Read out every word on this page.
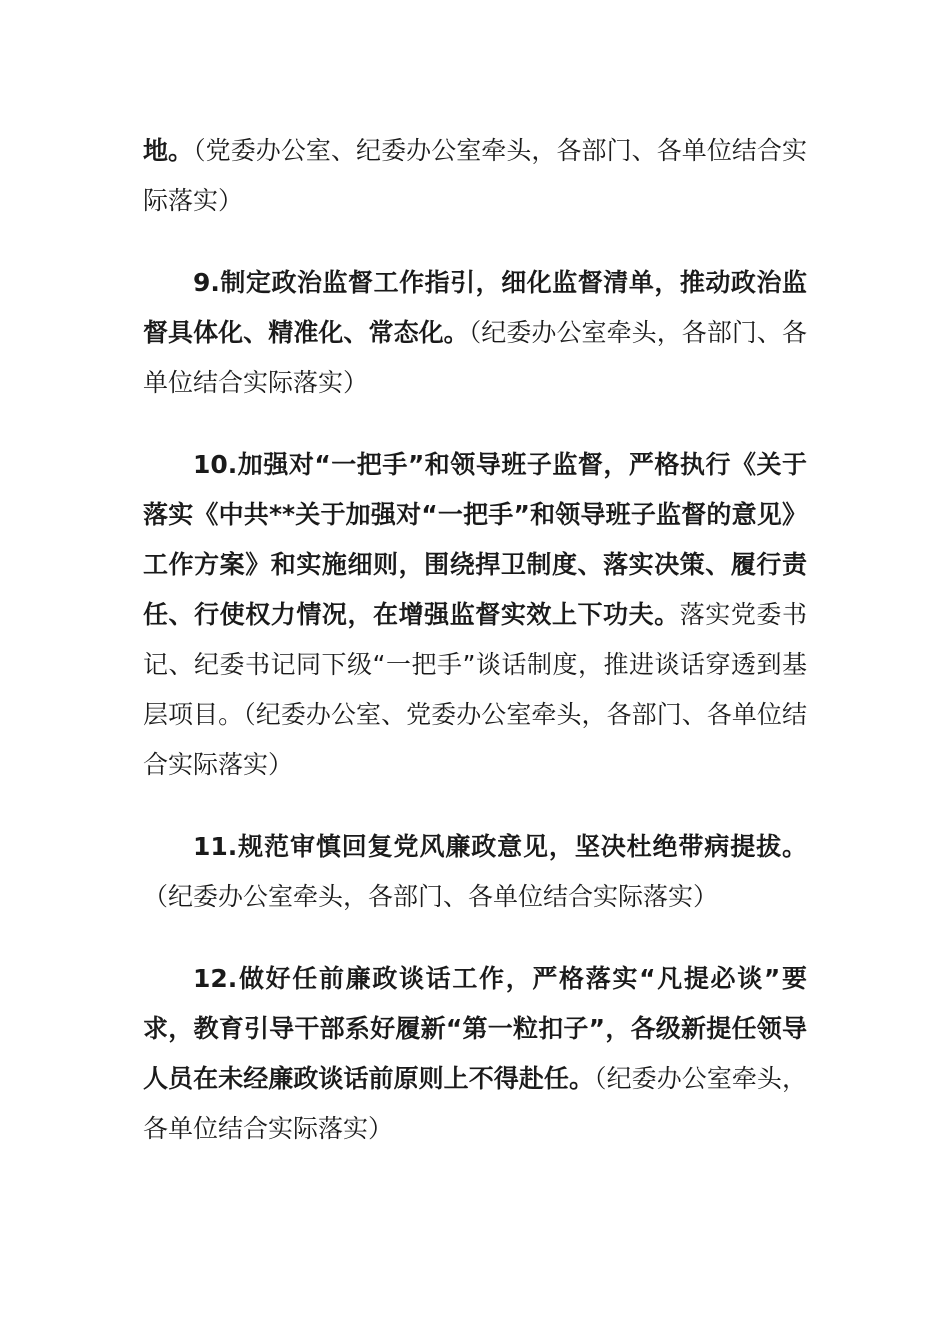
地。（党委办公室、纪委办公室牵头，各部门、各单位结合实际落实）

9.制定政治监督工作指引，细化监督清单，推动政治监督具体化、精准化、常态化。（纪委办公室牵头，各部门、各单位结合实际落实）

10.加强对“一把手”和领导班子监督，严格执行《关于落实《中共**关于加强对“一把手”和领导班子监督的意见》工作方案》和实施细则，围绕捍卫制度、落实决策、履行责任、行使权力情况，在增强监督实效上下功夫。落实党委书记、纪委书记同下级“一把手”谈话制度，推进谈话穿透到基层项目。（纪委办公室、党委办公室牵头，各部门、各单位结合实际落实）

11.规范审慎回复党风廉政意见，坚决杜绝带病提拔。（纪委办公室牵头，各部门、各单位结合实际落实）

12.做好任前廉政谈话工作，严格落实“凡提必谈”要求，教育引导干部系好履新“第一粒扣子”，各级新提任领导人员在未经廉政谈话前原则上不得赴任。（纪委办公室牵头，各单位结合实际落实）
